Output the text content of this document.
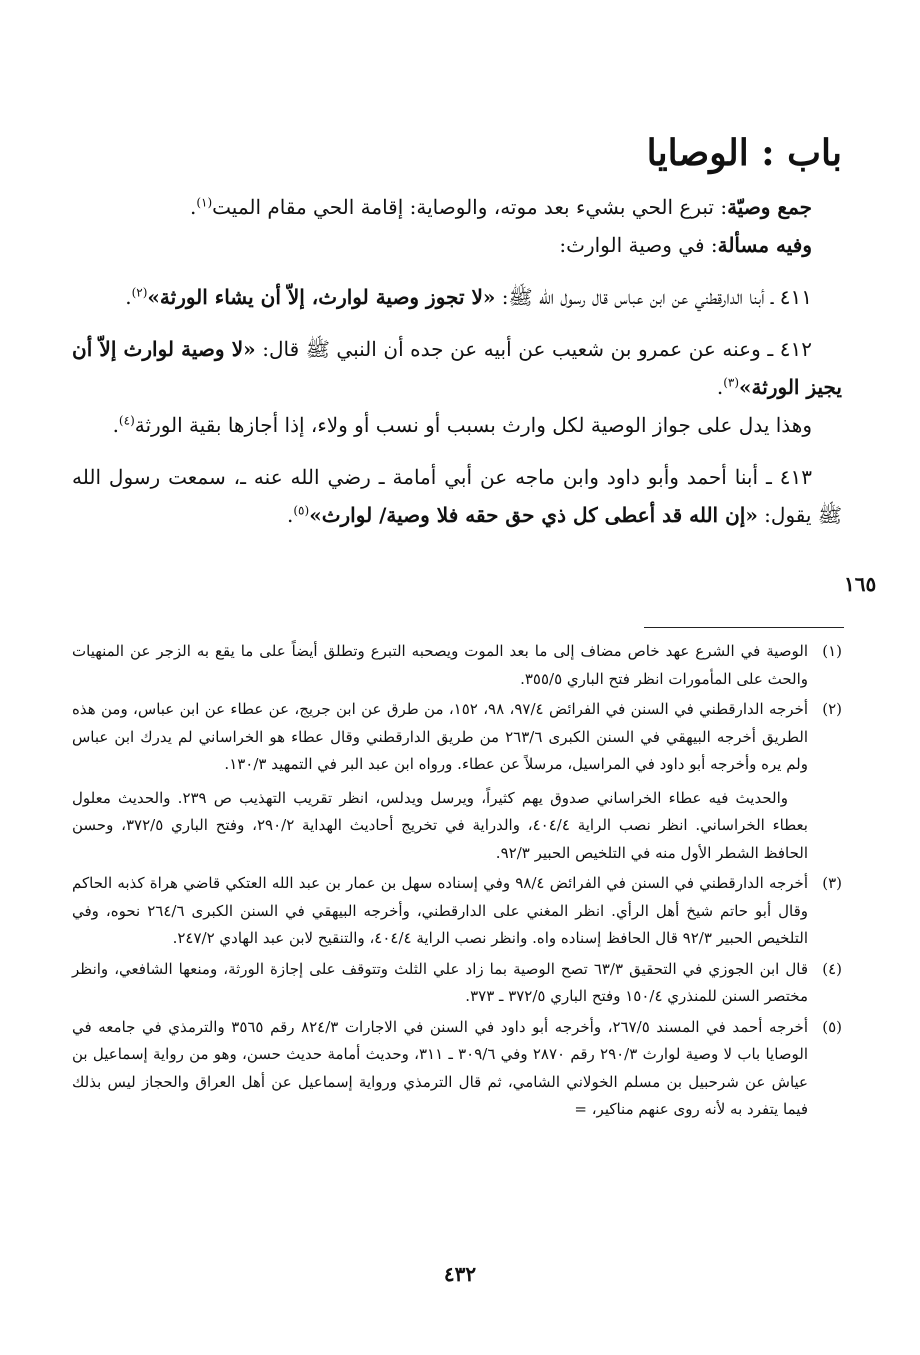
باب : الوصايا

جمع وصيّة: تبرع الحي بشيء بعد موته، والوصاية: إقامة الحي مقام الميت$^{(١)}$.

وفيه مسألة: في وصية الوارث:

٤١١ ـ أبنا الدارقطني عن ابن عباس قال رسول الله ﷺ: «لا تجوز وصية لوارث، إلاّ أن يشاء الورثة»$^{(٢)}$.

٤١٢ ـ وعنه عن عمرو بن شعيب عن أبيه عن جده أن النبي ﷺ قال: «لا وصية لوارث إلاّ أن يجيز الورثة»$^{(٣)}$.

وهذا يدل على جواز الوصية لكل وارث بسبب أو نسب أو ولاء، إذا أجازها بقية الورثة$^{(٤)}$.

٤١٣ ـ أبنا أحمد وأبو داود وابن ماجه عن أبي أمامة ـ رضي الله عنه ـ، سمعت رسول الله ﷺ يقول: «إن الله قد أعطى كل ذي حق حقه فلا وصية/ لوارث»$^{(٥)}$.

١٦٥

(١)
الوصية في الشرع عهد خاص مضاف إلى ما بعد الموت ويصحبه التبرع وتطلق أيضاً على ما يقع به الزجر عن المنهيات والحث على المأمورات انظر فتح الباري ٣٥٥/٥.

(٢)
أخرجه الدارقطني في السنن في الفرائض ٩٧/٤، ٩٨، ١٥٢، من طرق عن ابن جريج، عن عطاء عن ابن عباس، ومن هذه الطريق أخرجه البيهقي في السنن الكبرى ٢٦٣/٦ من طريق الدارقطني وقال عطاء هو الخراساني لم يدرك ابن عباس ولم يره وأخرجه أبو داود في المراسيل، مرسلاً عن عطاء. ورواه ابن عبد البر في التمهيد ١٣٠/٣.

والحديث فيه عطاء الخراساني صدوق يهم كثيراً، ويرسل ويدلس، انظر تقريب التهذيب ص ٢٣٩. والحديث معلول بعطاء الخراساني. انظر نصب الراية ٤٠٤/٤، والدراية في تخريج أحاديث الهداية ٢٩٠/٢، وفتح الباري ٣٧٢/٥، وحسن الحافظ الشطر الأول منه في التلخيص الحبير ٩٢/٣.

(٣)
أخرجه الدارقطني في السنن في الفرائض ٩٨/٤ وفي إسناده سهل بن عمار بن عبد الله العتكي قاضي هراة كذبه الحاكم وقال أبو حاتم شيخ أهل الرأي. انظر المغني على الدارقطني، وأخرجه البيهقي في السنن الكبرى ٢٦٤/٦ نحوه، وفي التلخيص الحبير ٩٢/٣ قال الحافظ إسناده واه. وانظر نصب الراية ٤٠٤/٤، والتنقيح لابن عبد الهادي ٢٤٧/٢.

(٤)
قال ابن الجوزي في التحقيق ٦٣/٣ تصح الوصية بما زاد علي الثلث وتتوقف على إجازة الورثة، ومنعها الشافعي، وانظر مختصر السنن للمنذري ١٥٠/٤ وفتح الباري ٣٧٢/٥ ـ ٣٧٣.

(٥)
أخرجه أحمد في المسند ٢٦٧/٥، وأخرجه أبو داود في السنن في الاجارات ٨٢٤/٣ رقم ٣٥٦٥ والترمذي في جامعه في الوصايا باب لا وصية لوارث ٢٩٠/٣ رقم ٢٨٧٠ وفي ٣٠٩/٦ ـ ٣١١، وحديث أمامة حديث حسن، وهو من رواية إسماعيل بن عياش عن شرحبيل بن مسلم الخولاني الشامي، ثم قال الترمذي ورواية إسماعيل عن أهل العراق والحجاز ليس بذلك فيما يتفرد به لأنه روى عنهم مناكير، =

٤٣٢
